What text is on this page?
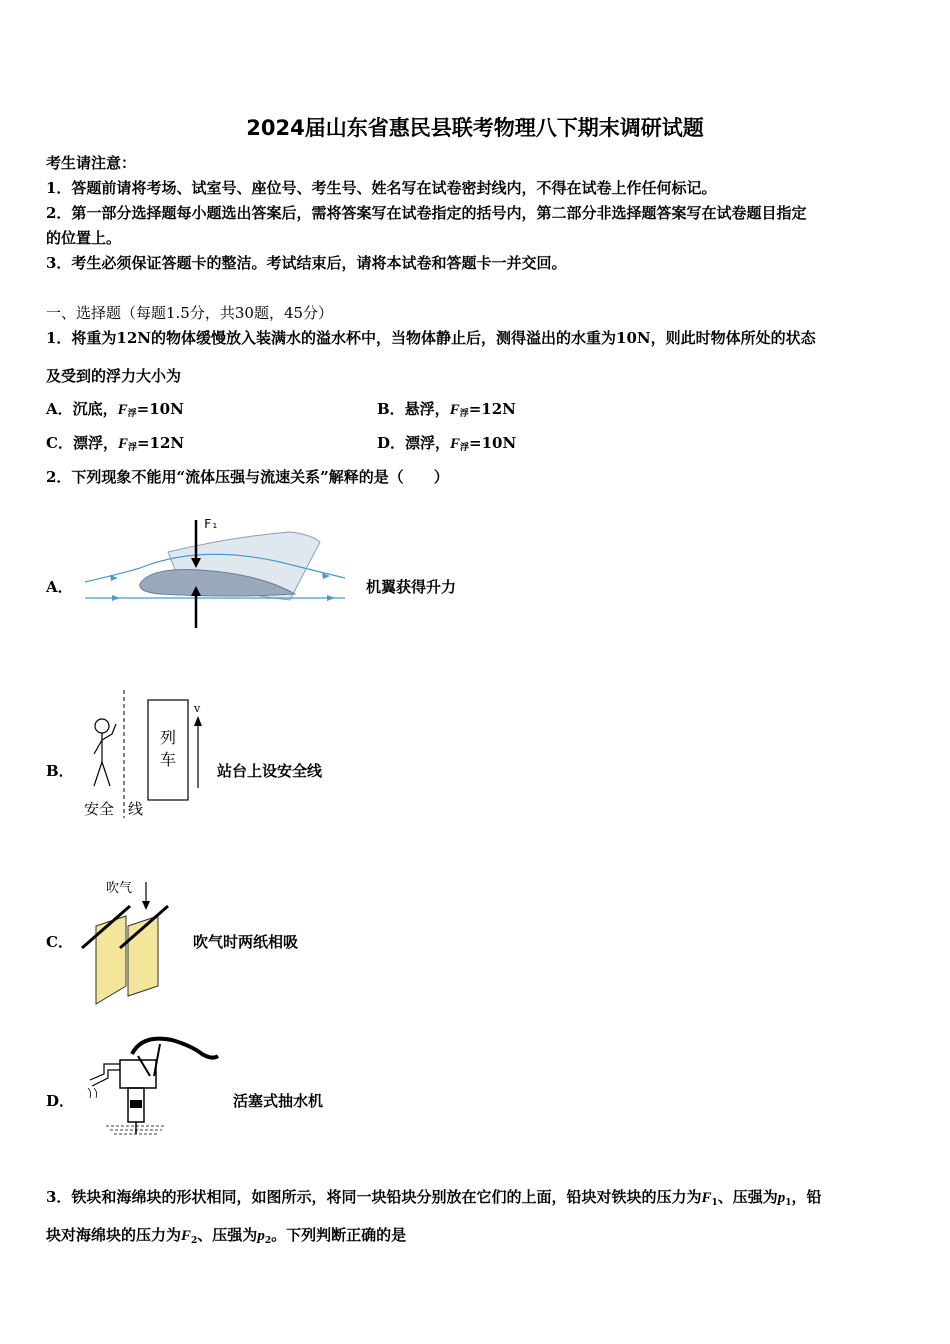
2024届山东省惠民县联考物理八下期末调研试题
考生请注意：
1．答题前请将考场、试室号、座位号、考生号、姓名写在试卷密封线内，不得在试卷上作任何标记。
2．第一部分选择题每小题选出答案后，需将答案写在试卷指定的括号内，第二部分非选择题答案写在试卷题目指定
的位置上。
3．考生必须保证答题卡的整洁。考试结束后，请将本试卷和答题卡一并交回。
一、选择题（每题1.5分，共30题，45分）
1．将重为12N的物体缓慢放入装满水的溢水杯中，当物体静止后，测得溢出的水重为10N，则此时物体所处的状态
及受到的浮力大小为
A．沉底，$F_浮=10N$	B．悬浮，$F_浮=12N$
C．漂浮，$F_浮=12N$	D．漂浮，$F_浮=10N$
2．下列现象不能用“流体压强与流速关系”解释的是（　　）
A．
F₁
机翼获得升力
B．
列
车
v
安全 线
站台上设安全线
C．
吹气
吹气时两纸相吸
D．	活塞式抽水机
3．铁块和海绵块的形状相同，如图所示，将同一块铅块分别放在它们的上面，铅块对铁块的压力为$F_1$、压强为$p_1$，铅
块对海绵块的压力为$F_2$、压强为$p_2$。下列判断正确的是
